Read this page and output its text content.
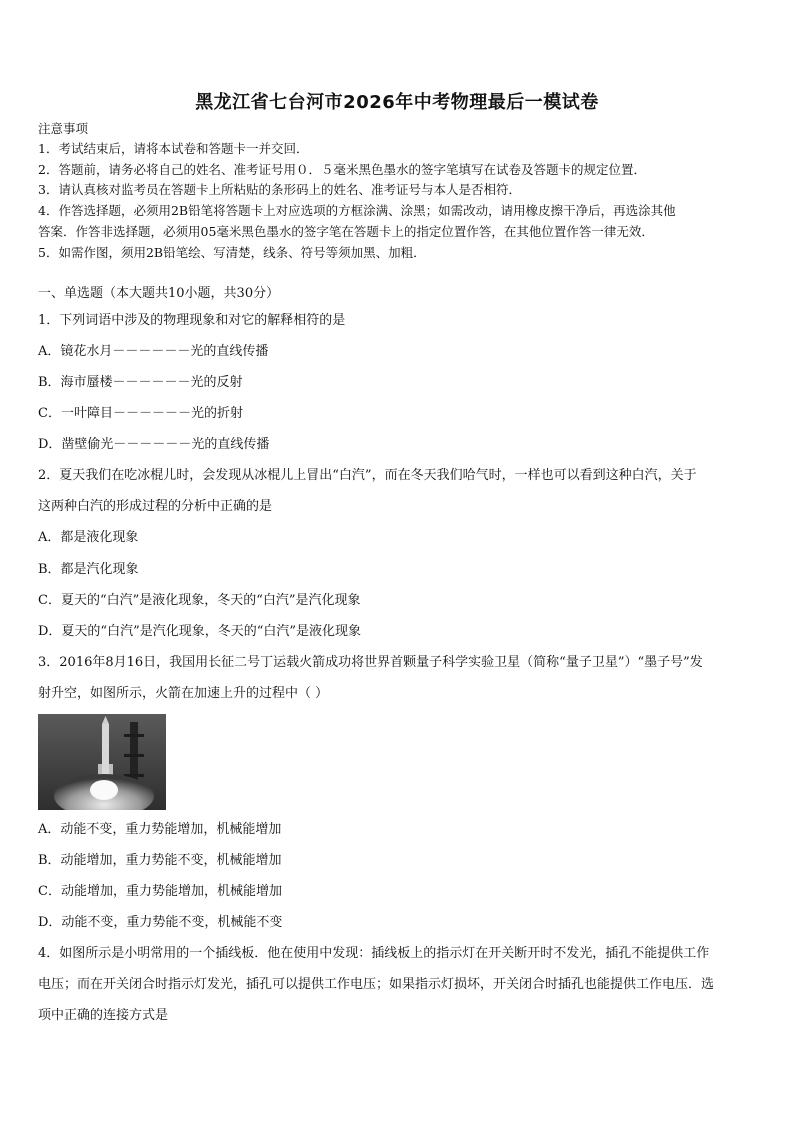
黑龙江省七台河市2026年中考物理最后一模试卷
注意事项
1．考试结束后，请将本试卷和答题卡一并交回．
2．答题前，请务必将自己的姓名、准考证号用０．５毫米黑色墨水的签字笔填写在试卷及答题卡的规定位置．
3．请认真核对监考员在答题卡上所粘贴的条形码上的姓名、准考证号与本人是否相符．
4．作答选择题，必须用2B铅笔将答题卡上对应选项的方框涂满、涂黑；如需改动，请用橡皮擦干净后，再选涂其他
答案．作答非选择题，必须用05毫米黑色墨水的签字笔在答题卡上的指定位置作答，在其他位置作答一律无效．
5．如需作图，须用2B铅笔绘、写清楚，线条、符号等须加黑、加粗．
一、单选题（本大题共10小题，共30分）
1．下列词语中涉及的物理现象和对它的解释相符的是
A．镜花水月－－－－－－光的直线传播
B．海市蜃楼－－－－－－光的反射
C．一叶障目－－－－－－光的折射
D．凿壁偷光－－－－－－光的直线传播
2．夏天我们在吃冰棍儿时，会发现从冰棍儿上冒出“白汽”，而在冬天我们哈气时，一样也可以看到这种白汽，关于
这两种白汽的形成过程的分析中正确的是
A．都是液化现象
B．都是汽化现象
C．夏天的“白汽”是液化现象，冬天的“白汽”是汽化现象
D．夏天的“白汽”是汽化现象，冬天的“白汽”是液化现象
3．2016年8月16日，我国用长征二号丁运载火箭成功将世界首颗量子科学实验卫星（简称“量子卫星”）“墨子号”发
射升空，如图所示，火箭在加速上升的过程中（ ）
A．动能不变，重力势能增加，机械能增加
B．动能增加，重力势能不变，机械能增加
C．动能增加，重力势能增加，机械能增加
D．动能不变，重力势能不变，机械能不变
4．如图所示是小明常用的一个插线板．他在使用中发现：插线板上的指示灯在开关断开时不发光，插孔不能提供工作
电压；而在开关闭合时指示灯发光，插孔可以提供工作电压；如果指示灯损坏，开关闭合时插孔也能提供工作电压．选
项中正确的连接方式是
